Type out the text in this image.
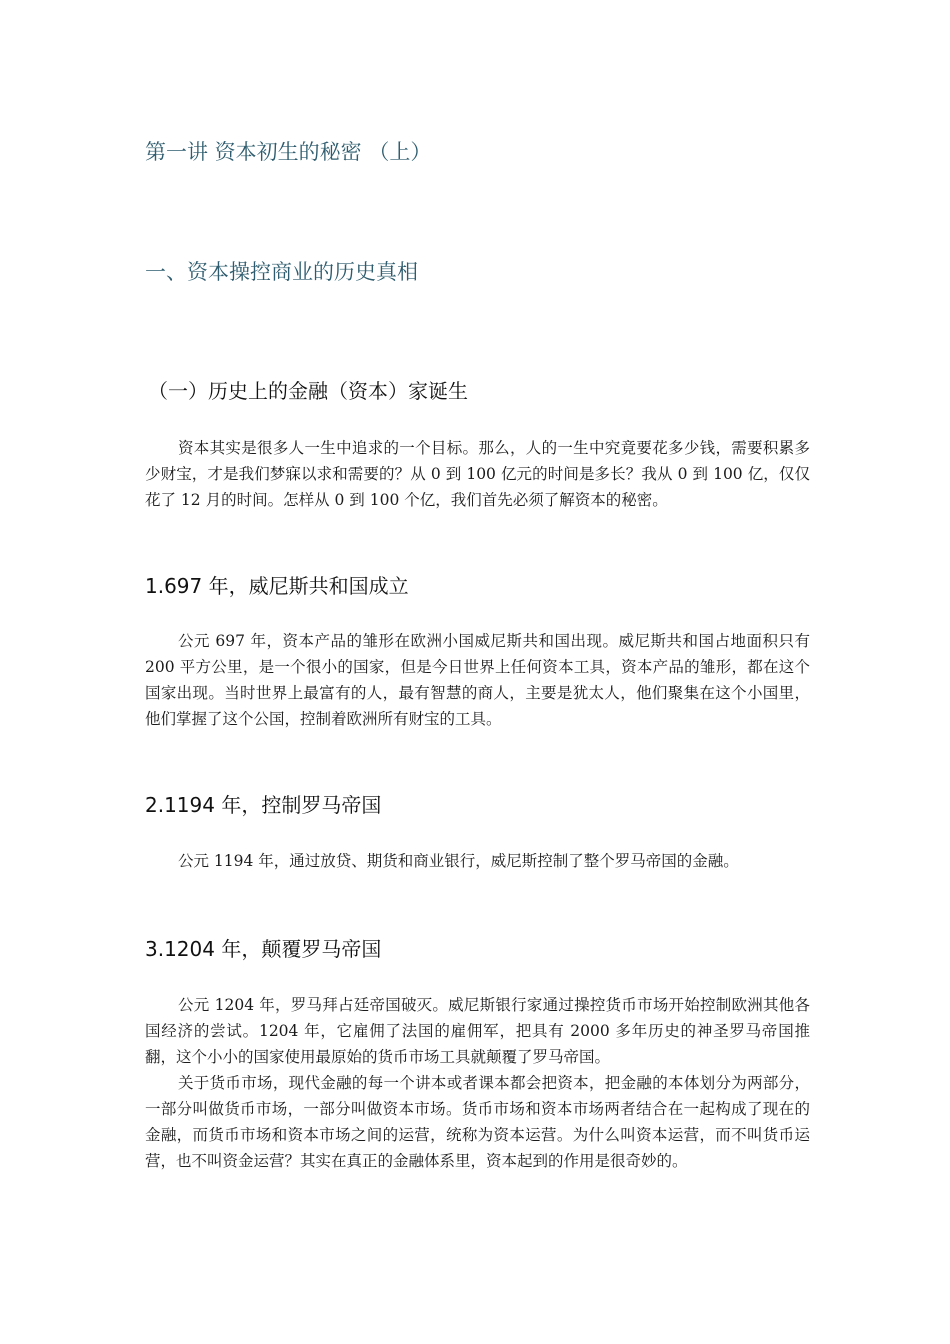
第一讲 资本初生的秘密 （上）
一、资本操控商业的历史真相
（一）历史上的金融（资本）家诞生

资本其实是很多人一生中追求的一个目标。那么，人的一生中究竟要花多少钱，需要积累多少财宝，才是我们梦寐以求和需要的？从 0 到 100 亿元的时间是多长？我从 0 到 100 亿，仅仅花了 12 月的时间。怎样从 0 到 100 个亿，我们首先必须了解资本的秘密。

1.697 年，威尼斯共和国成立

公元 697 年，资本产品的雏形在欧洲小国威尼斯共和国出现。威尼斯共和国占地面积只有 200 平方公里，是一个很小的国家，但是今日世界上任何资本工具，资本产品的雏形，都在这个国家出现。当时世界上最富有的人，最有智慧的商人，主要是犹太人，他们聚集在这个小国里，他们掌握了这个公国，控制着欧洲所有财宝的工具。

2.1194 年，控制罗马帝国

公元 1194 年，通过放贷、期货和商业银行，威尼斯控制了整个罗马帝国的金融。

3.1204 年，颠覆罗马帝国

公元 1204 年，罗马拜占廷帝国破灭。威尼斯银行家通过操控货币市场开始控制欧洲其他各国经济的尝试。1204 年，它雇佣了法国的雇佣军，把具有 2000 多年历史的神圣罗马帝国推翻，这个小小的国家使用最原始的货币市场工具就颠覆了罗马帝国。

关于货币市场，现代金融的每一个讲本或者课本都会把资本，把金融的本体划分为两部分，一部分叫做货币市场，一部分叫做资本市场。货币市场和资本市场两者结合在一起构成了现在的金融，而货币市场和资本市场之间的运营，统称为资本运营。为什么叫资本运营，而不叫货币运营，也不叫资金运营？其实在真正的金融体系里，资本起到的作用是很奇妙的。
